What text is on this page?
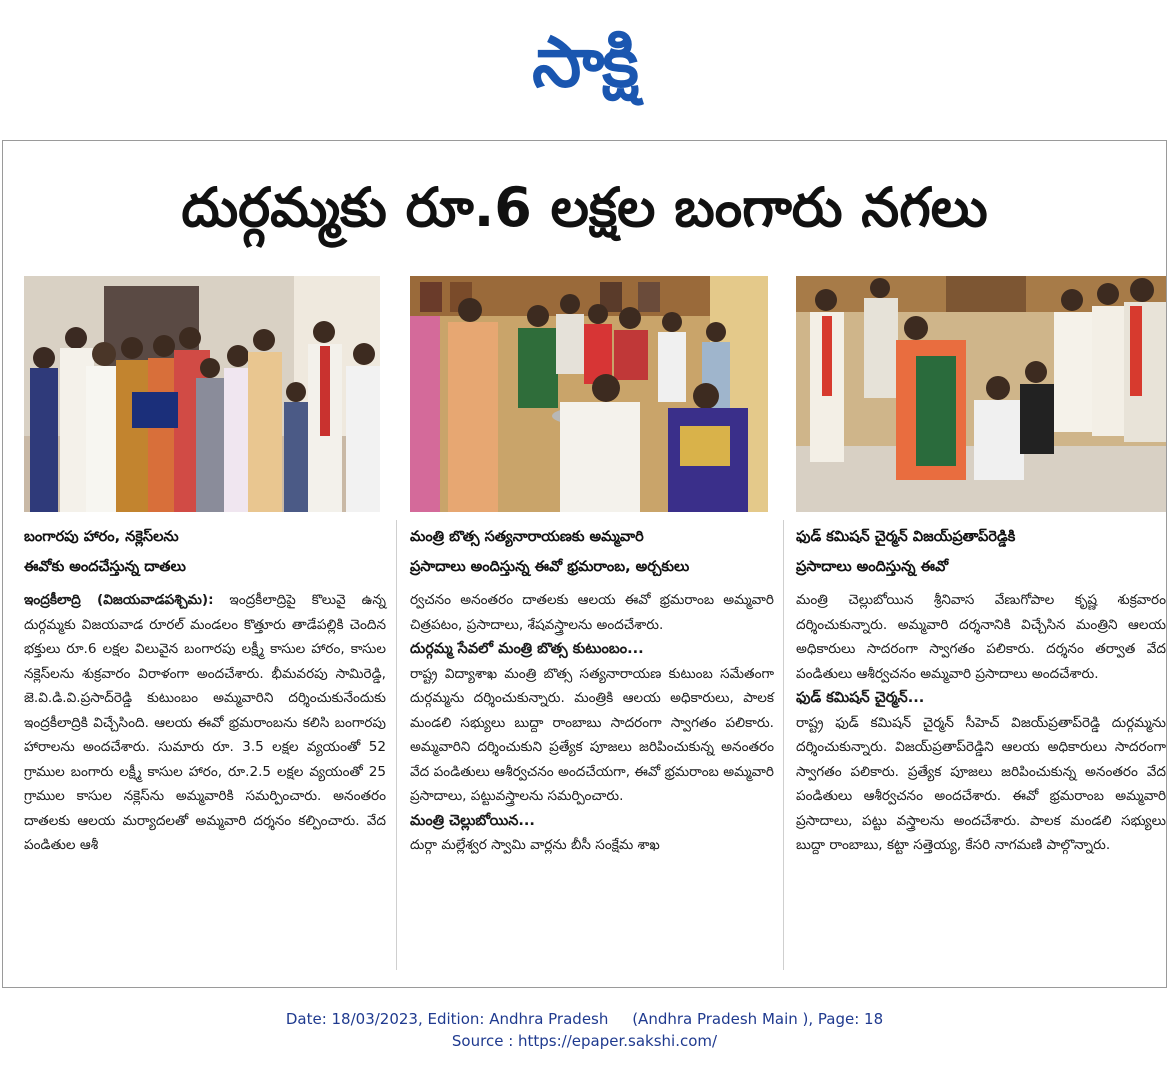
సాక్షి
దుర్గమ్మకు రూ.6 లక్షల బంగారు నగలు
బంగారపు హారం, నక్లెస్‌లను
ఈవోకు అందచేస్తున్న దాతలు
మంత్రి బొత్స సత్యనారాయణకు అమ్మవారి
ప్రసాదాలు అందిస్తున్న ఈవో భ్రమరాంబ, అర్చకులు
ఫుడ్ కమిషన్ చైర్మన్ విజయ్‌ప్రతాప్‌రెడ్డికి
ప్రసాదాలు అందిస్తున్న ఈవో
ఇంద్రకీలాద్రి (విజయవాడపశ్చిమ): ఇంద్రకీలాద్రిపై కొలువై ఉన్న దుర్గమ్మకు విజయవాడ రూరల్ మండలం కొత్తూరు తాడేపల్లికి చెందిన భక్తులు రూ.6 లక్షల విలువైన బంగారపు లక్ష్మీ కాసుల హారం, కాసుల నక్లెస్‌లను శుక్రవారం విరాళంగా అందచేశారు. భీమవరపు సామిరెడ్డి, జె.వి.డి.వి.ప్రసాద్‌రెడ్డి కుటుంబం అమ్మవారిని దర్శించుకునేందుకు ఇంద్రకీలాద్రికి విచ్చేసింది. ఆలయ ఈవో భ్రమరాంబను కలిసి బంగారపు హారాలను అందచేశారు. సుమారు రూ. 3.5 లక్షల వ్యయంతో 52 గ్రాముల బంగారు లక్ష్మీ కాసుల హారం, రూ.2.5 లక్షల వ్యయంతో 25 గ్రాముల కాసుల నక్లెస్‌ను అమ్మవారికి సమర్పించారు. అనంతరం దాతలకు ఆలయ మర్యాదలతో అమ్మవారి దర్శనం కల్పించారు. వేద పండితుల ఆశీ
ర్వచనం అనంతరం దాతలకు ఆలయ ఈవో భ్రమరాంబ అమ్మవారి చిత్రపటం, ప్రసాదాలు, శేషవస్త్రాలను అందచేశారు.
దుర్గమ్మ సేవలో మంత్రి బొత్స కుటుంబం...
రాష్ట్ర విద్యాశాఖ మంత్రి బొత్స సత్యనారాయణ కుటుంబ సమేతంగా దుర్గమ్మను దర్శించుకున్నారు. మంత్రికి ఆలయ అధికారులు, పాలక మండలి సభ్యులు బుద్దా రాంబాబు సాదరంగా స్వాగతం పలికారు. అమ్మవారిని దర్శించుకుని ప్రత్యేక పూజలు జరిపించుకున్న అనంతరం వేద పండితులు ఆశీర్వచనం అందచేయగా, ఈవో భ్రమరాంబ అమ్మవారి ప్రసాదాలు, పట్టువస్త్రాలను సమర్పించారు.
మంత్రి చెల్లుబోయిన...
దుర్గా మల్లేశ్వర స్వామి వార్లను బీసీ సంక్షేమ శాఖ
మంత్రి చెల్లుబోయిన శ్రీనివాస వేణుగోపాల కృష్ణ శుక్రవారం దర్శించుకున్నారు. అమ్మవారి దర్శనానికి విచ్చేసిన మంత్రిని ఆలయ అధికారులు సాదరంగా స్వాగతం పలికారు. దర్శనం తర్వాత వేద పండితులు ఆశీర్వచనం అమ్మవారి ప్రసాదాలు అందచేశారు.
ఫుడ్ కమిషన్ చైర్మన్...
రాష్ట్ర ఫుడ్ కమిషన్ చైర్మన్ సీహెచ్ విజయ్‌ప్రతాప్‌రెడ్డి దుర్గమ్మను దర్శించుకున్నారు. విజయ్‌ప్రతాప్‌రెడ్డిని ఆలయ అధికారులు సాదరంగా స్వాగతం పలికారు. ప్రత్యేక పూజలు జరిపించుకున్న అనంతరం వేద పండితులు ఆశీర్వచనం అందచేశారు. ఈవో భ్రమరాంబ అమ్మవారి ప్రసాదాలు, పట్టు వస్త్రాలను అందచేశారు. పాలక మండలి సభ్యులు బుద్దా రాంబాబు, కట్టా సత్తెయ్య, కేసరి నాగమణి పాల్గొన్నారు.
Date: 18/03/2023, Edition: Andhra Pradesh     (Andhra Pradesh Main ), Page: 18
Source : https://epaper.sakshi.com/
